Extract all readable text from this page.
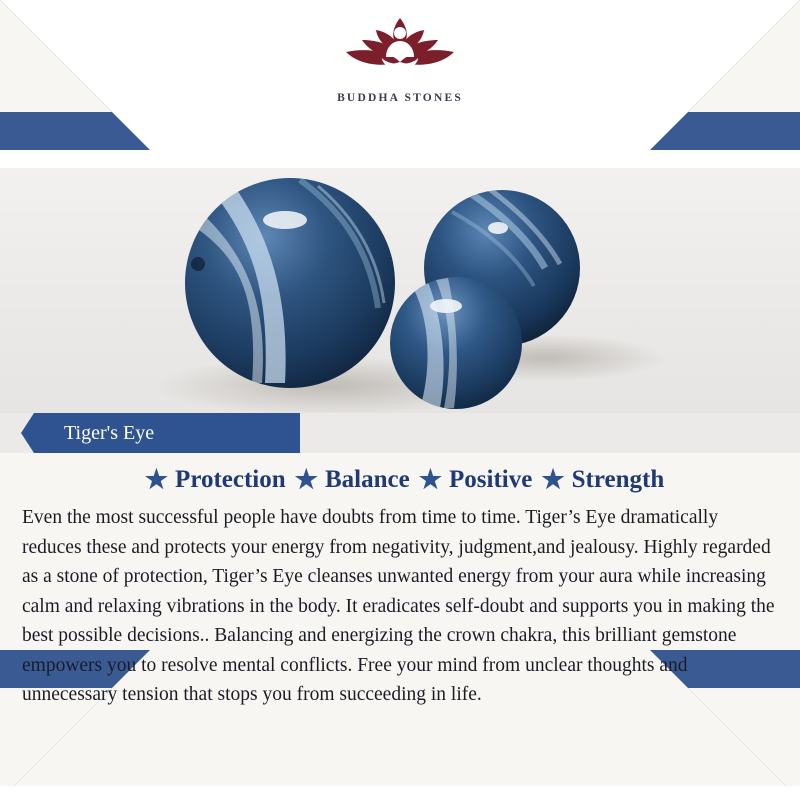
BUDDHA STONES
Tiger's Eye
★ Protection ★ Balance ★ Positive ★ Strength
Even the most successful people have doubts from time to time. Tiger’s Eye dramatically reduces these and protects your energy from negativity, judgment,and jealousy. Highly regarded as a stone of protection, Tiger’s Eye cleanses unwanted energy from your aura while increasing calm and relaxing vibrations in the body. It eradicates self-doubt and supports you in making the best possible decisions.. Balancing and energizing the crown chakra, this brilliant gemstone empowers you to resolve mental conflicts. Free your mind from unclear thoughts and unnecessary tension that stops you from succeeding in life.
